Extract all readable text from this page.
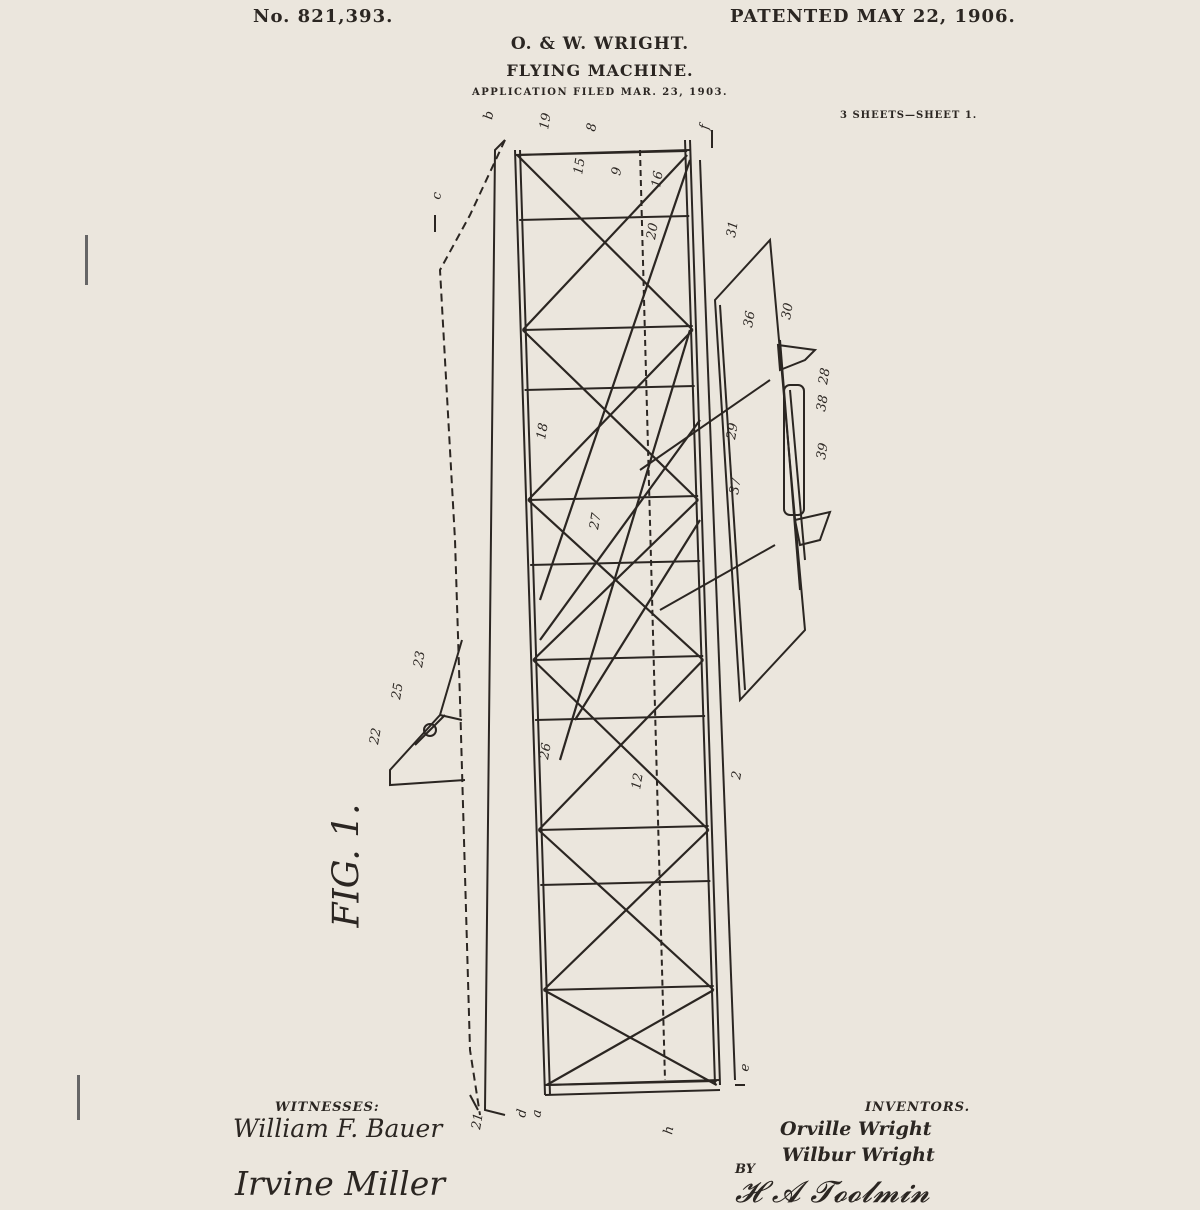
No. 821,393.	PATENTED MAY 22, 1906.
O. & W. WRIGHT.
FLYING MACHINE.
APPLICATION FILED MAR. 23, 1903.
3 SHEETS—SHEET 1.
19 8
15
16
9
20	31
30
36
28
38
39
29
37
18
27
2
12
22
23
25
26
21
b
c
d
e
f
h
a
FIG. 1.
WITNESSES:
William F. Bauer
Irvine Miller
INVENTORS.
Orville Wright
Wilbur Wright
BY
𝓗 𝓐 𝓣𝓸𝓸𝓵𝓶𝓲𝓷
